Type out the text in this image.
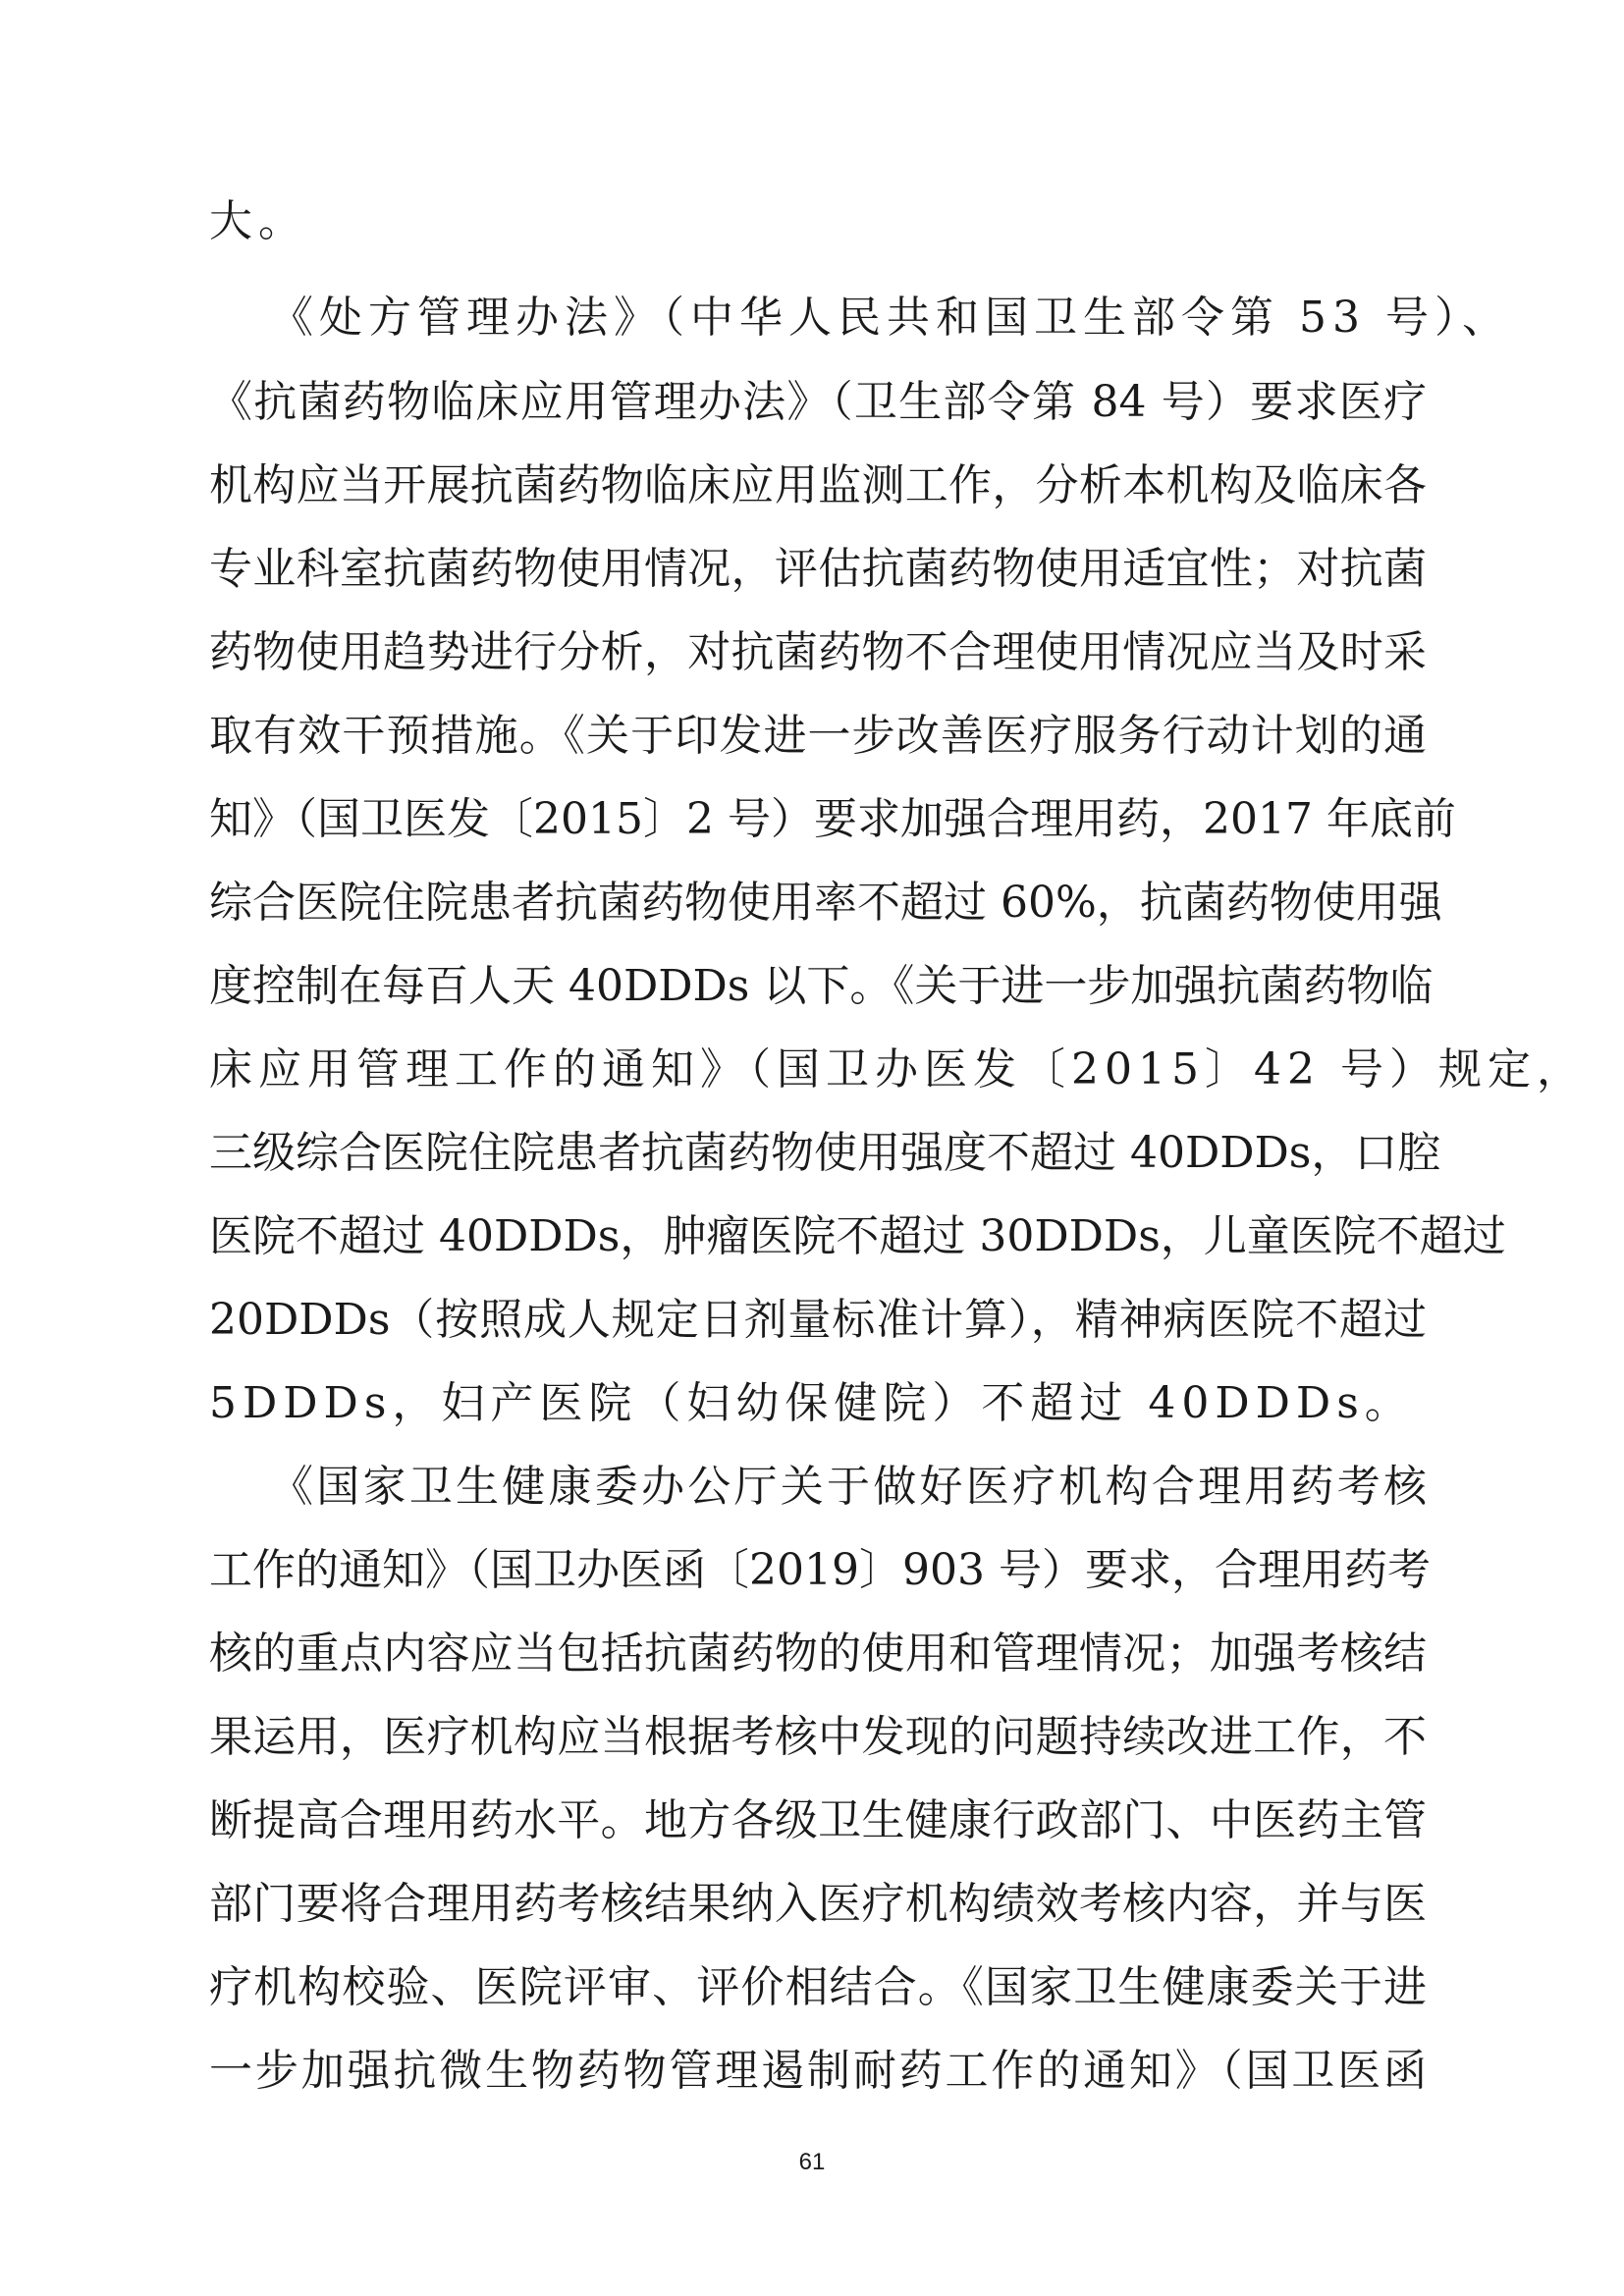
大。

《处方管理办法》（中华人民共和国卫生部令第 53 号）、

《抗菌药物临床应用管理办法》（卫生部令第 84 号）要求医疗

机构应当开展抗菌药物临床应用监测工作，分析本机构及临床各

专业科室抗菌药物使用情况，评估抗菌药物使用适宜性；对抗菌

药物使用趋势进行分析，对抗菌药物不合理使用情况应当及时采

取有效干预措施。《关于印发进一步改善医疗服务行动计划的通

知》（国卫医发〔2015〕2 号）要求加强合理用药，2017 年底前

综合医院住院患者抗菌药物使用率不超过 60%，抗菌药物使用强

度控制在每百人天 40DDDs 以下。《关于进一步加强抗菌药物临

床应用管理工作的通知》（国卫办医发〔2015〕42 号）规定，

三级综合医院住院患者抗菌药物使用强度不超过 40DDDs，口腔

医院不超过 40DDDs，肿瘤医院不超过 30DDDs，儿童医院不超过

20DDDs（按照成人规定日剂量标准计算），精神病医院不超过

5DDDs，妇产医院（妇幼保健院）不超过 40DDDs。

《国家卫生健康委办公厅关于做好医疗机构合理用药考核

工作的通知》（国卫办医函〔2019〕903 号）要求，合理用药考

核的重点内容应当包括抗菌药物的使用和管理情况；加强考核结

果运用，医疗机构应当根据考核中发现的问题持续改进工作，不

断提高合理用药水平。地方各级卫生健康行政部门、中医药主管

部门要将合理用药考核结果纳入医疗机构绩效考核内容，并与医

疗机构校验、医院评审、评价相结合。《国家卫生健康委关于进

一步加强抗微生物药物管理遏制耐药工作的通知》（国卫医函

61
